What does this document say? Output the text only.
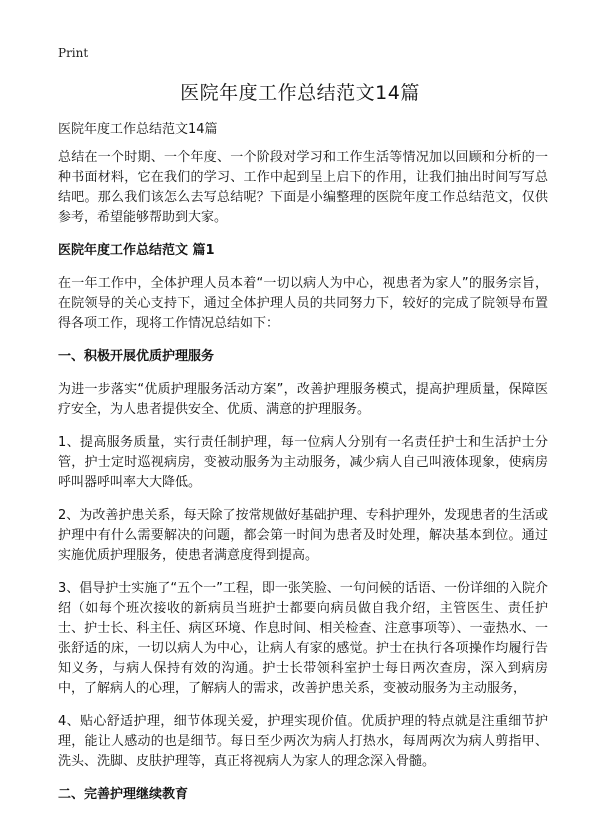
Print
医院年度工作总结范文14篇

医院年度工作总结范文14篇

总结在一个时期、一个年度、一个阶段对学习和工作生活等情况加以回顾和分析的一种书面材料，它在我们的学习、工作中起到呈上启下的作用，让我们抽出时间写写总结吧。那么我们该怎么去写总结呢？下面是小编整理的医院年度工作总结范文，仅供参考，希望能够帮助到大家。

医院年度工作总结范文 篇1

在一年工作中，全体护理人员本着“一切以病人为中心，视患者为家人”的服务宗旨，在院领导的关心支持下，通过全体护理人员的共同努力下，较好的完成了院领导布置得各项工作，现将工作情况总结如下：

一、积极开展优质护理服务

为进一步落实“优质护理服务活动方案”，改善护理服务模式，提高护理质量，保障医疗安全，为人患者提供安全、优质、满意的护理服务。

1、提高服务质量，实行责任制护理，每一位病人分别有一名责任护士和生活护士分管，护士定时巡视病房，变被动服务为主动服务，减少病人自己叫液体现象，使病房呼叫器呼叫率大大降低。

2、为改善护患关系，每天除了按常规做好基础护理、专科护理外，发现患者的生活或护理中有什么需要解决的问题，都会第一时间为患者及时处理，解决基本到位。通过实施优质护理服务，使患者满意度得到提高。

3、倡导护士实施了“五个一”工程，即一张笑脸、一句问候的话语、一份详细的入院介绍（如每个班次接收的新病员当班护士都要向病员做自我介绍，主管医生、责任护士、护士长、科主任、病区环境、作息时间、相关检查、注意事项等）、一壶热水、一张舒适的床，一切以病人为中心，让病人有家的感觉。护士在执行各项操作均履行告知义务，与病人保持有效的沟通。护士长带领科室护士每日两次查房，深入到病房中，了解病人的心理，了解病人的需求，改善护患关系，变被动服务为主动服务，

4、贴心舒适护理，细节体现关爱，护理实现价值。优质护理的特点就是注重细节护理，能让人感动的也是细节。每日至少两次为病人打热水，每周两次为病人剪指甲、洗头、洗脚、皮肤护理等，真正将视病人为家人的理念深入骨髓。

二、完善护理继续教育
